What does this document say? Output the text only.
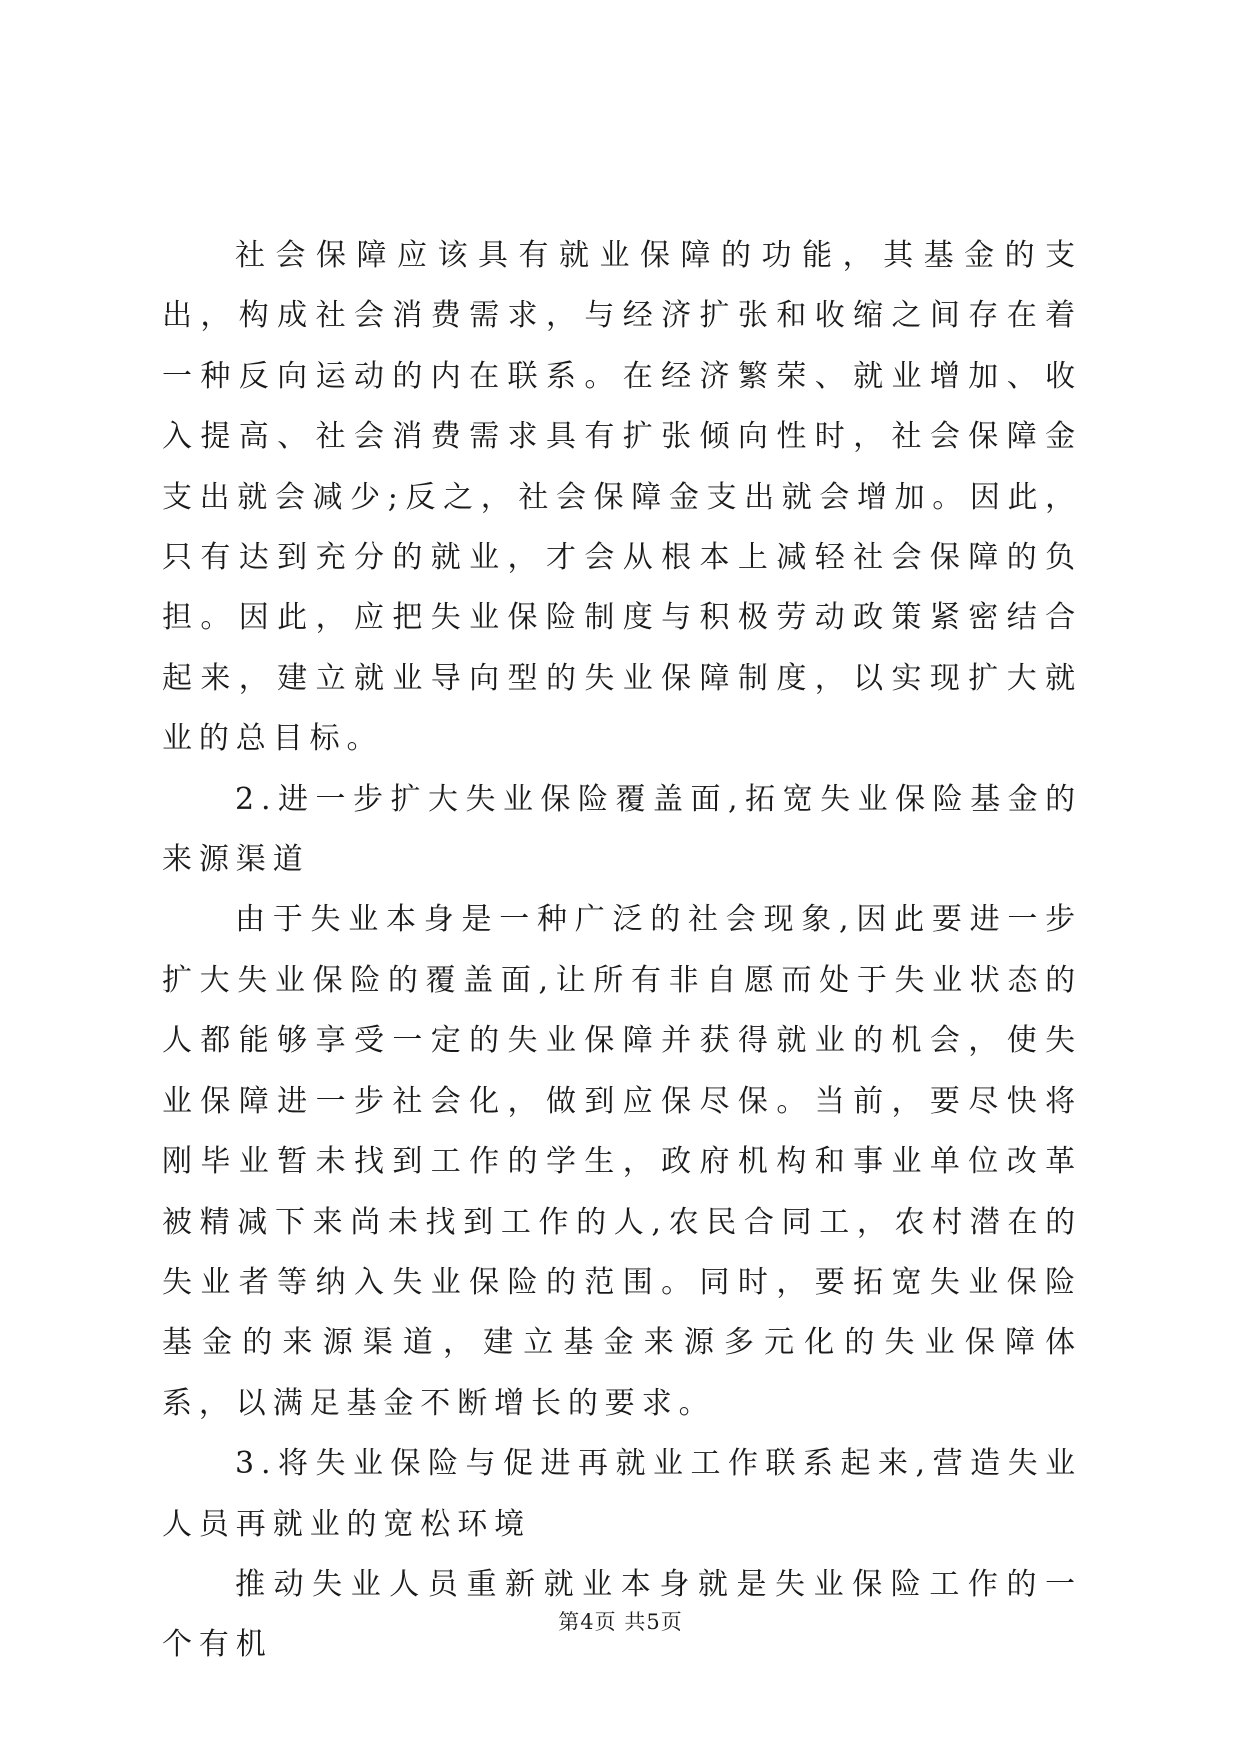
社会保障应该具有就业保障的功能，其基金的支出，构成社会消费需求，与经济扩张和收缩之间存在着一种反向运动的内在联系。在经济繁荣、就业增加、收入提高、社会消费需求具有扩张倾向性时，社会保障金支出就会减少;反之，社会保障金支出就会增加。因此，只有达到充分的就业，才会从根本上减轻社会保障的负担。因此，应把失业保险制度与积极劳动政策紧密结合起来，建立就业导向型的失业保障制度，以实现扩大就业的总目标。

2.进一步扩大失业保险覆盖面,拓宽失业保险基金的来源渠道

由于失业本身是一种广泛的社会现象,因此要进一步扩大失业保险的覆盖面,让所有非自愿而处于失业状态的人都能够享受一定的失业保障并获得就业的机会，使失业保障进一步社会化，做到应保尽保。当前，要尽快将刚毕业暂未找到工作的学生，政府机构和事业单位改革被精减下来尚未找到工作的人,农民合同工，农村潜在的失业者等纳入失业保险的范围。同时，要拓宽失业保险基金的来源渠道，建立基金来源多元化的失业保障体系，以满足基金不断增长的要求。

3.将失业保险与促进再就业工作联系起来,营造失业人员再就业的宽松环境

推动失业人员重新就业本身就是失业保险工作的一个有机

第4页 共5页
